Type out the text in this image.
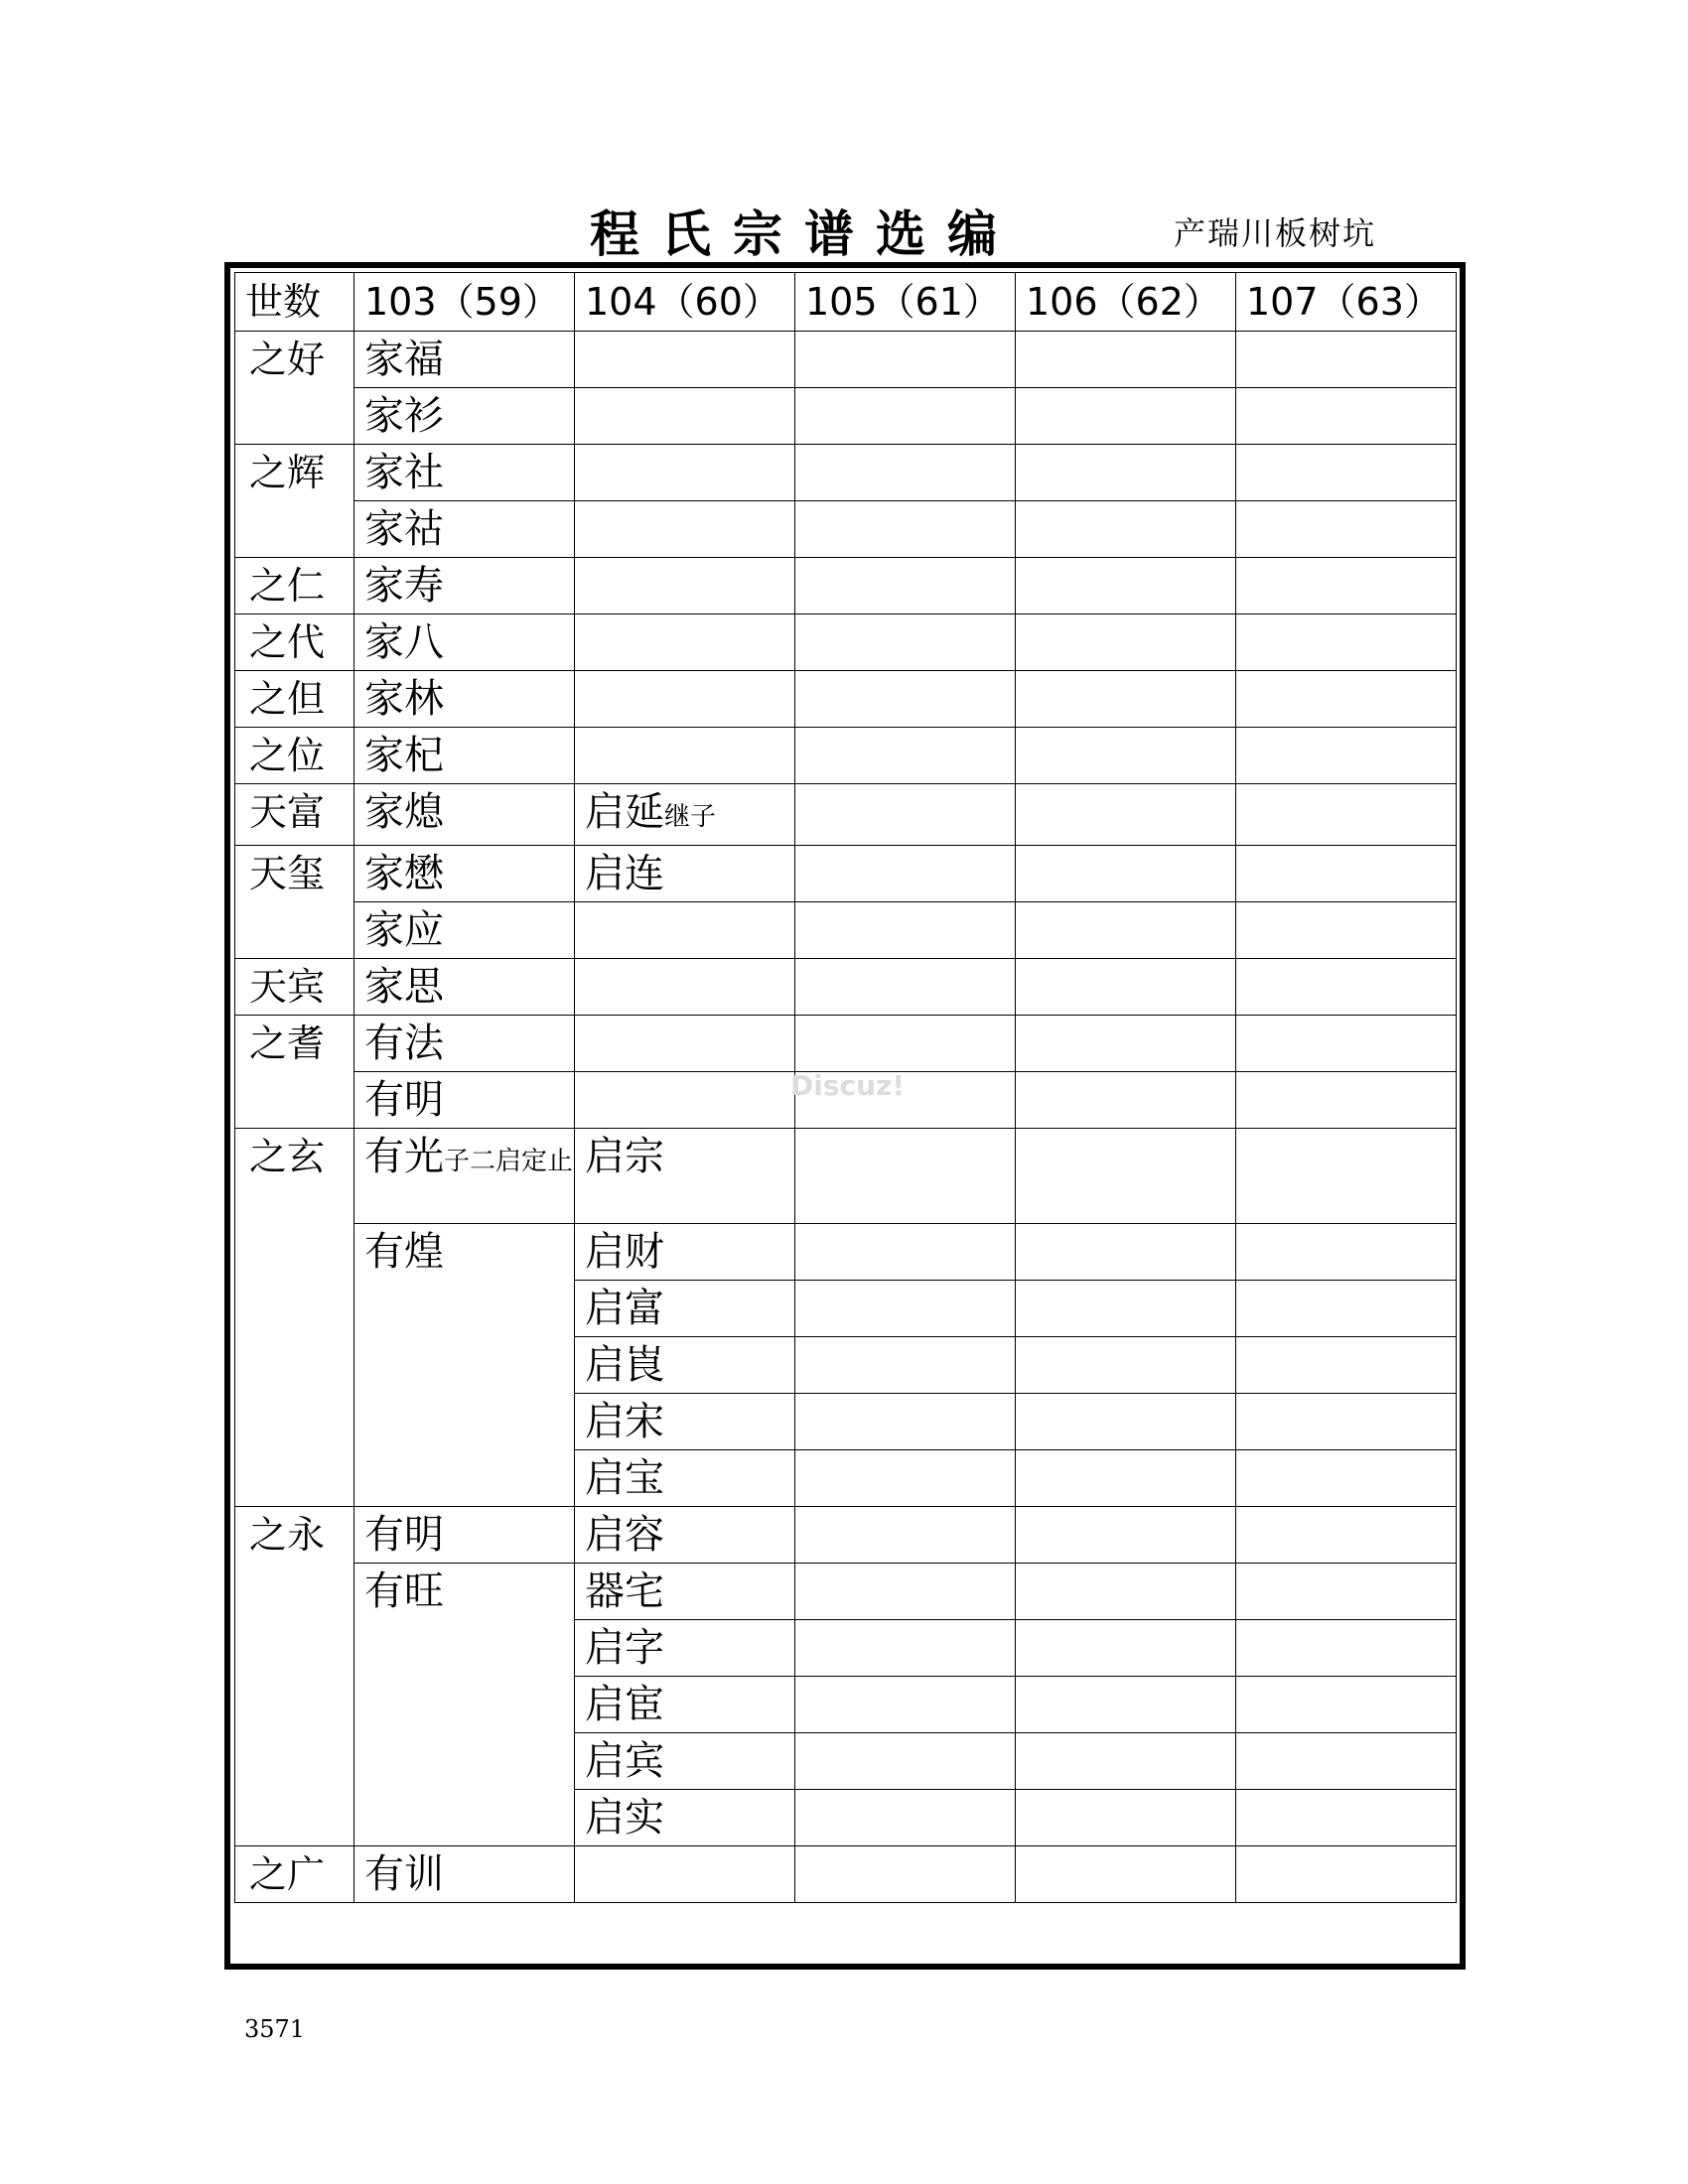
程氏宗谱选编	产瑞川板树坑
世数	103（59）	104（60）	105（61）	106（62）	107（63）
之好	家福				
	家衫				
之辉	家社				
	家祜				
之仁	家寿				
之代	家八				
之但	家林				
之位	家杞				
天富	家熄	启延继子			
天玺	家懋	启连			
	家应				
天宾	家思				
之耆	有法				
	有明				
之玄	有光子二启定止	启宗			
	有煌	启财			
		启富			
		启崀			
		启宋			
		启宝			
之永	有明	启容			
	有旺	器宅			
		启字			
		启宦			
		启宾			
		启实			
之广	有训				
Discuz!
3571
